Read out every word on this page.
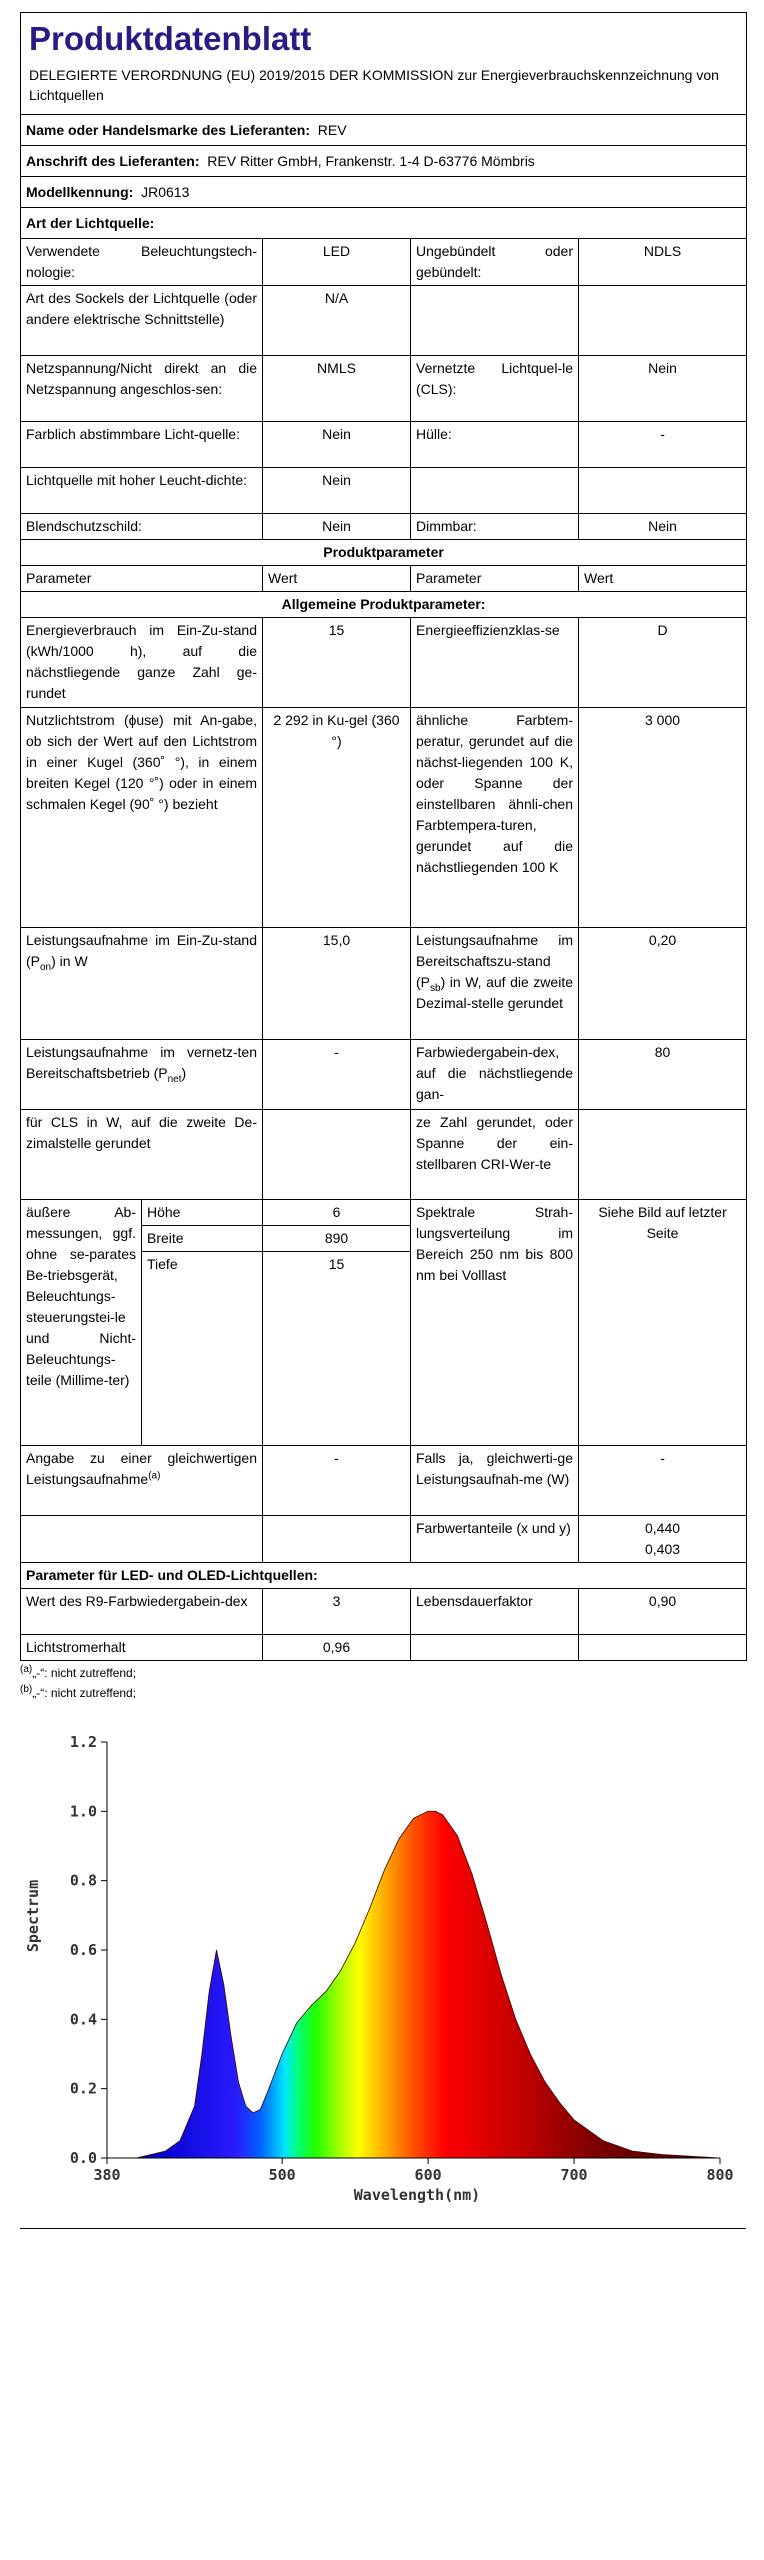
Produktdatenblatt
DELEGIERTE VERORDNUNG (EU) 2019/2015 DER KOMMISSION zur Energieverbrauchskennzeichnung von Lichtquellen				

Name oder Handelsmarke des Lieferanten: REV				
Anschrift des Lieferanten: REV Ritter GmbH, Frankenstr. 1-4 D-63776 Mömbris				
Modellkennung: JR0613				
Art der Lichtquelle:				
Verwendete Beleuchtungstech-nologie:		LED	Ungebündelt oder gebündelt:	NDLS
Art des Sockels der Lichtquelle (oder andere elektrische Schnittstelle)		N/A		
Netzspannung/Nicht direkt an die Netzspannung angeschlos-sen:		NMLS	Vernetzte Lichtquel-le (CLS):	Nein
Farblich abstimmbare Licht-quelle:		Nein	Hülle:	-
Lichtquelle mit hoher Leucht-dichte:		Nein		
Blendschutzschild:		Nein	Dimmbar:	Nein
Produktparameter				
Parameter		Wert	Parameter	Wert
Allgemeine Produktparameter:				
Energieverbrauch im Ein-Zu-stand (kWh/1000 h), auf die nächstliegende ganze Zahl ge-rundet		15	Energieeffizienzklas-se	D
Nutzlichtstrom (ɸuse) mit An-gabe, ob sich der Wert auf den Lichtstrom in einer Kugel (360˚ °), in einem breiten Kegel (120 °˚) oder in einem schmalen Kegel (90˚ °) bezieht		2 292 in Ku-gel (360 °)	ähnliche Farbtem-peratur, gerundet auf die nächst-liegenden 100 K, oder Spanne der einstellbaren ähnli-chen Farbtempera-turen, gerundet auf die nächstliegenden 100 K	3 000
Leistungsaufnahme im Ein-Zu-stand $(P_{on})$ in W		15,0	Leistungsaufnahme im Bereitschaftszu-stand $(P_{sb})$ in W, auf die zweite Dezimal-stelle gerundet	0,20
Leistungsaufnahme im vernetz-ten Bereitschaftsbetrieb $(P_{net})$		-	Farbwiedergabein-dex, auf die nächstliegende gan-	80
für CLS in W, auf die zweite De-zimalstelle gerundet			ze Zahl gerundet, oder Spanne der ein-stellbaren CRI-Wer-te	
äußere Ab-messungen, ggf. ohne se-parates Be-triebsgerät, Beleuchtungs-steuerungstei-le und Nicht-Beleuchtungs-teile (Millime-ter)	Höhe	6	Spektrale Strah-lungsverteilung im Bereich 250 nm bis 800 nm bei Volllast	Siehe Bild auf letzter Seite
	Breite	890		
	Tiefe	15		
Angabe zu einer gleichwertigen Leistungsaufnahme$^{(a)}$		-	Falls ja, gleichwerti-ge Leistungsaufnah-me (W)	-
			Farbwertanteile (x und y)	0,440
0,403
Parameter für LED- und OLED-Lichtquellen:				
Wert des R9-Farbwiedergabein-dex		3	Lebensdauerfaktor	0,90
Lichtstromerhalt		0,96		
$^{(a)}$„-“: nicht zutreffend;
$^{(b)}$„-“: nicht zutreffend;
0.0
0.2
0.4
0.6
0.8
1.0
1.2
380	500	600	700	800
Spectrum
Wavelength(nm)
